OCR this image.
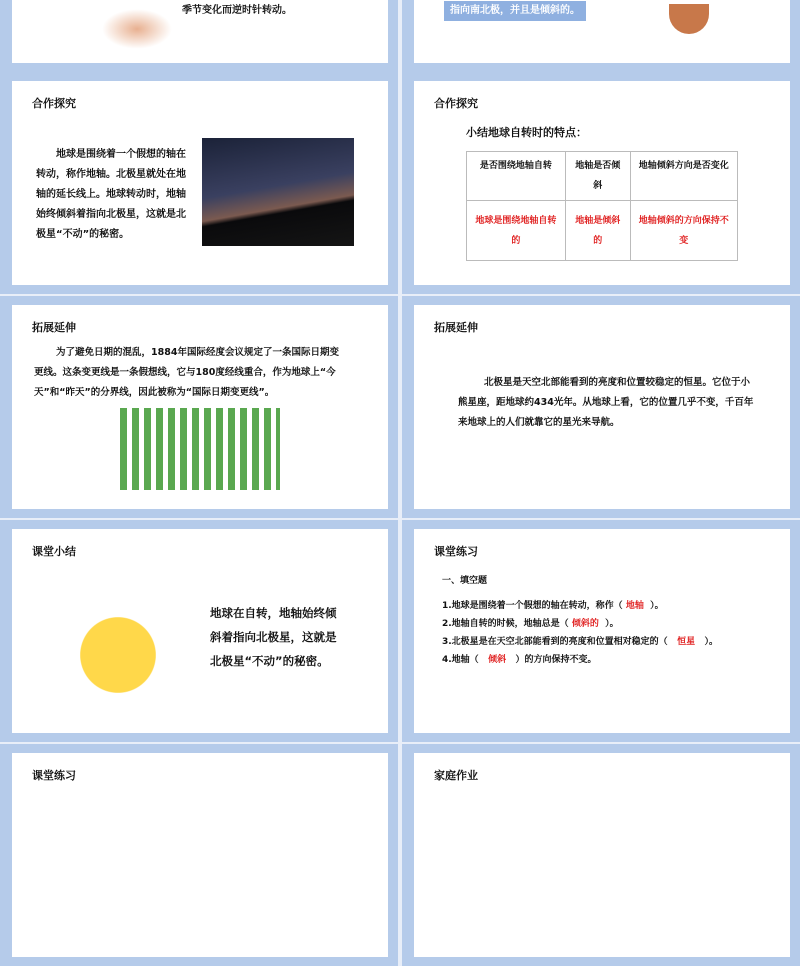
季节变化而逆时针转动。	指向南北极，并且是倾斜的。
合作探究
地球是围绕着一个假想的轴在转动，称作地轴。北极星就处在地轴的延长线上。地球转动时，地轴始终倾斜着指向北极星，这就是北极星“不动”的秘密。
合作探究
小结地球自转时的特点：
是否围绕地轴自转	地轴是否倾斜	地轴倾斜方向是否变化
地球是围绕地轴自转的	地轴是倾斜的	地轴倾斜的方向保持不变
拓展延伸
为了避免日期的混乱，1884年国际经度会议规定了一条国际日期变更线。这条变更线是一条假想线，它与180度经线重合，作为地球上“今天”和“昨天”的分界线，因此被称为“国际日期变更线”。
拓展延伸
北极星是天空北部能看到的亮度和位置较稳定的恒星。它位于小熊星座，距地球约434光年。从地球上看，它的位置几乎不变，千百年来地球上的人们就靠它的星光来导航。
课堂小结
地球在自转，地轴始终倾斜着指向北极星，这就是北极星“不动”的秘密。
课堂练习
一、填空题
1.地球是围绕着一个假想的轴在转动，称作（ 地轴 ）。
2.地轴自转的时候，地轴总是（ 倾斜的 ）。
3.北极星是在天空北部能看到的亮度和位置相对稳定的（ 恒星 ）。
4.地轴（ 倾斜 ）的方向保持不变。
课堂练习	家庭作业
